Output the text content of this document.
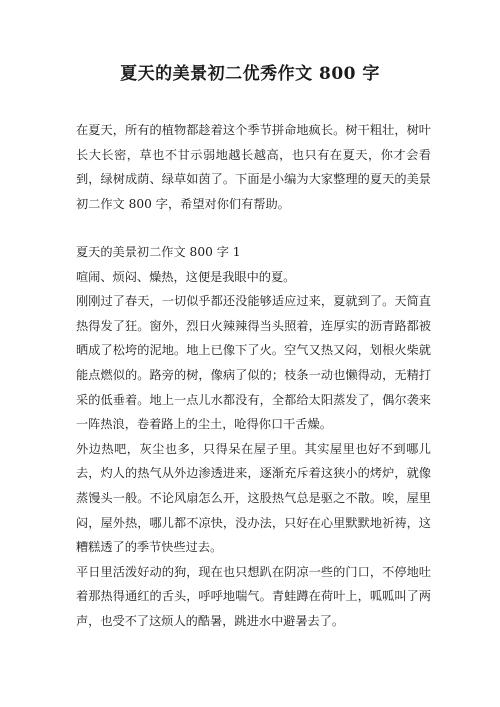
夏天的美景初二优秀作文 800 字

在夏天，所有的植物都趁着这个季节拼命地疯长。树干粗壮，树叶长大长密，草也不甘示弱地越长越高，也只有在夏天，你才会看到，绿树成荫、绿草如茵了。下面是小编为大家整理的夏天的美景初二作文 800 字，希望对你们有帮助。

夏天的美景初二作文 800 字 1

喧闹、烦闷、燥热，这便是我眼中的夏。

刚刚过了春天，一切似乎都还没能够适应过来，夏就到了。天简直热得发了狂。窗外，烈日火辣辣得当头照着，连厚实的沥青路都被晒成了松垮的泥地。地上已像下了火。空气又热又闷，划根火柴就能点燃似的。路旁的树，像病了似的；枝条一动也懒得动，无精打采的低垂着。地上一点儿水都没有，全都给太阳蒸发了，偶尔袭来一阵热浪，卷着路上的尘土，呛得你口干舌燥。

外边热吧，灰尘也多，只得呆在屋子里。其实屋里也好不到哪儿去，灼人的热气从外边渗透进来，逐渐充斥着这狭小的烤炉，就像蒸馒头一般。不论风扇怎么开，这股热气总是驱之不散。唉，屋里闷，屋外热，哪儿都不凉快，没办法，只好在心里默默地祈祷，这糟糕透了的季节快些过去。

平日里活泼好动的狗，现在也只想趴在阴凉一些的门口，不停地吐着那热得通红的舌头，呼呼地喘气。青蛙蹲在荷叶上，呱呱叫了两声，也受不了这烦人的酷暑，跳进水中避暑去了。
